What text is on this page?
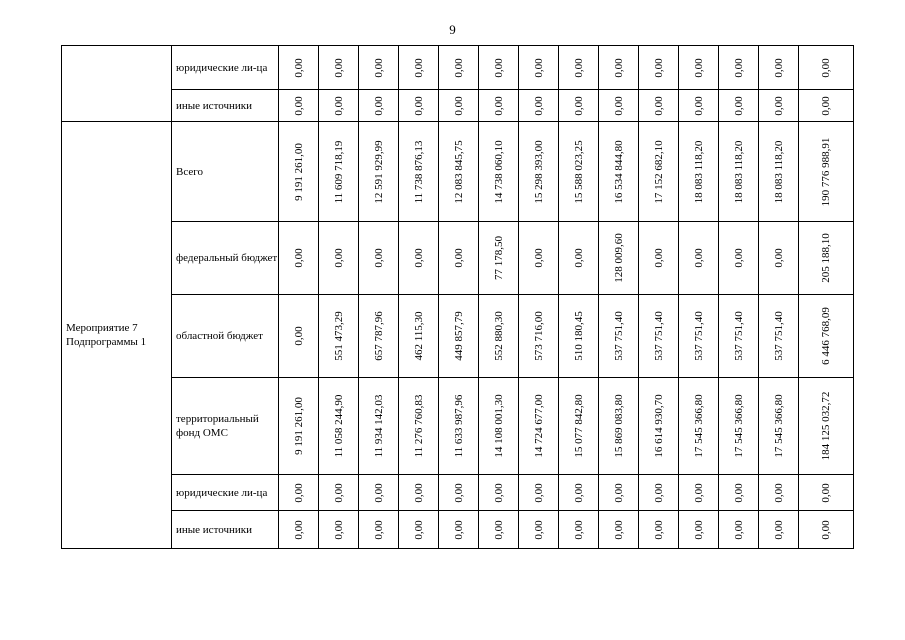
9
	юридические ли-ца	0,00	0,00	0,00	0,00	0,00	0,00	0,00	0,00	0,00	0,00	0,00	0,00	0,00	0,00

	иные источники	0,00	0,00	0,00	0,00	0,00	0,00	0,00	0,00	0,00	0,00	0,00	0,00	0,00	0,00

Мероприятие 7 Подпрограммы 1	Всего	9 191 261,00	11 609 718,19	12 591 929,99	11 738 876,13	12 083 845,75	14 738 060,10	15 298 393,00	15 588 023,25	16 534 844,80	17 152 682,10	18 083 118,20	18 083 118,20	18 083 118,20	190 776 988,91

	федеральный бюджет	0,00	0,00	0,00	0,00	0,00	77 178,50	0,00	0,00	128 009,60	0,00	0,00	0,00	0,00	205 188,10

	областной бюджет	0,00	551 473,29	657 787,96	462 115,30	449 857,79	552 880,30	573 716,00	510 180,45	537 751,40	537 751,40	537 751,40	537 751,40	537 751,40	6 446 768,09

	территориальный фонд ОМС	9 191 261,00	11 058 244,90	11 934 142,03	11 276 760,83	11 633 987,96	14 108 001,30	14 724 677,00	15 077 842,80	15 869 083,80	16 614 930,70	17 545 366,80	17 545 366,80	17 545 366,80	184 125 032,72

	юридические ли-ца	0,00	0,00	0,00	0,00	0,00	0,00	0,00	0,00	0,00	0,00	0,00	0,00	0,00	0,00

	иные источники	0,00	0,00	0,00	0,00	0,00	0,00	0,00	0,00	0,00	0,00	0,00	0,00	0,00	0,00
